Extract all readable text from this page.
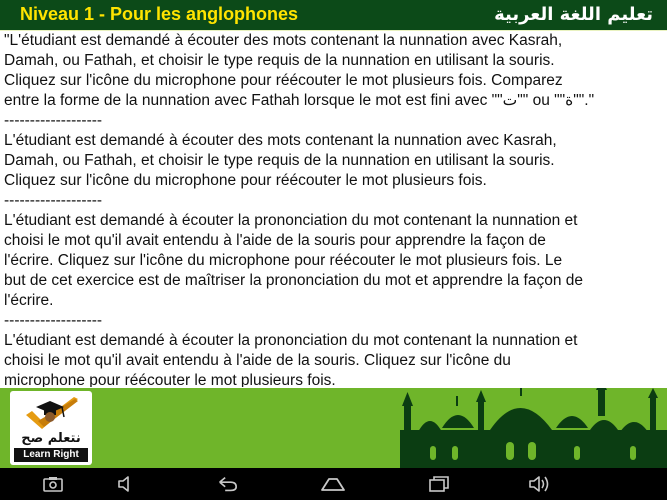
Niveau 1 - Pour les anglophones	تعليم اللغة العربية
"L'étudiant est demandé à écouter des mots contenant la nunnation avec Kasrah,
Damah, ou Fathah, et choisir le type requis de la nunnation en utilisant la souris.
Cliquez sur l'icône du microphone pour réécouter le mot plusieurs fois. Comparez
entre la forme de la nunnation avec Fathah lorsque le mot est fini avec ""ت"" ou ""ة""."
-------------------
L'étudiant est demandé à écouter des mots contenant la nunnation avec Kasrah,
Damah, ou Fathah, et choisir le type requis de la nunnation en utilisant la souris.
Cliquez sur l'icône du microphone pour réécouter le mot plusieurs fois.
-------------------
L'étudiant est demandé à écouter la prononciation du mot contenant la nunnation et
choisi le mot qu'il avait entendu à l'aide de la souris pour apprendre la façon de
l'écrire. Cliquez sur l'icône du microphone pour réécouter le mot plusieurs fois. Le
but de cet exercice est de maîtriser la prononciation du mot et apprendre la façon de
l'écrire.
-------------------
L'étudiant est demandé à écouter la prononciation du mot contenant la nunnation et
choisi le mot qu'il avait entendu à l'aide de la souris. Cliquez sur l'icône du
microphone pour réécouter le mot plusieurs fois.
نتعلم صح
Learn Right
